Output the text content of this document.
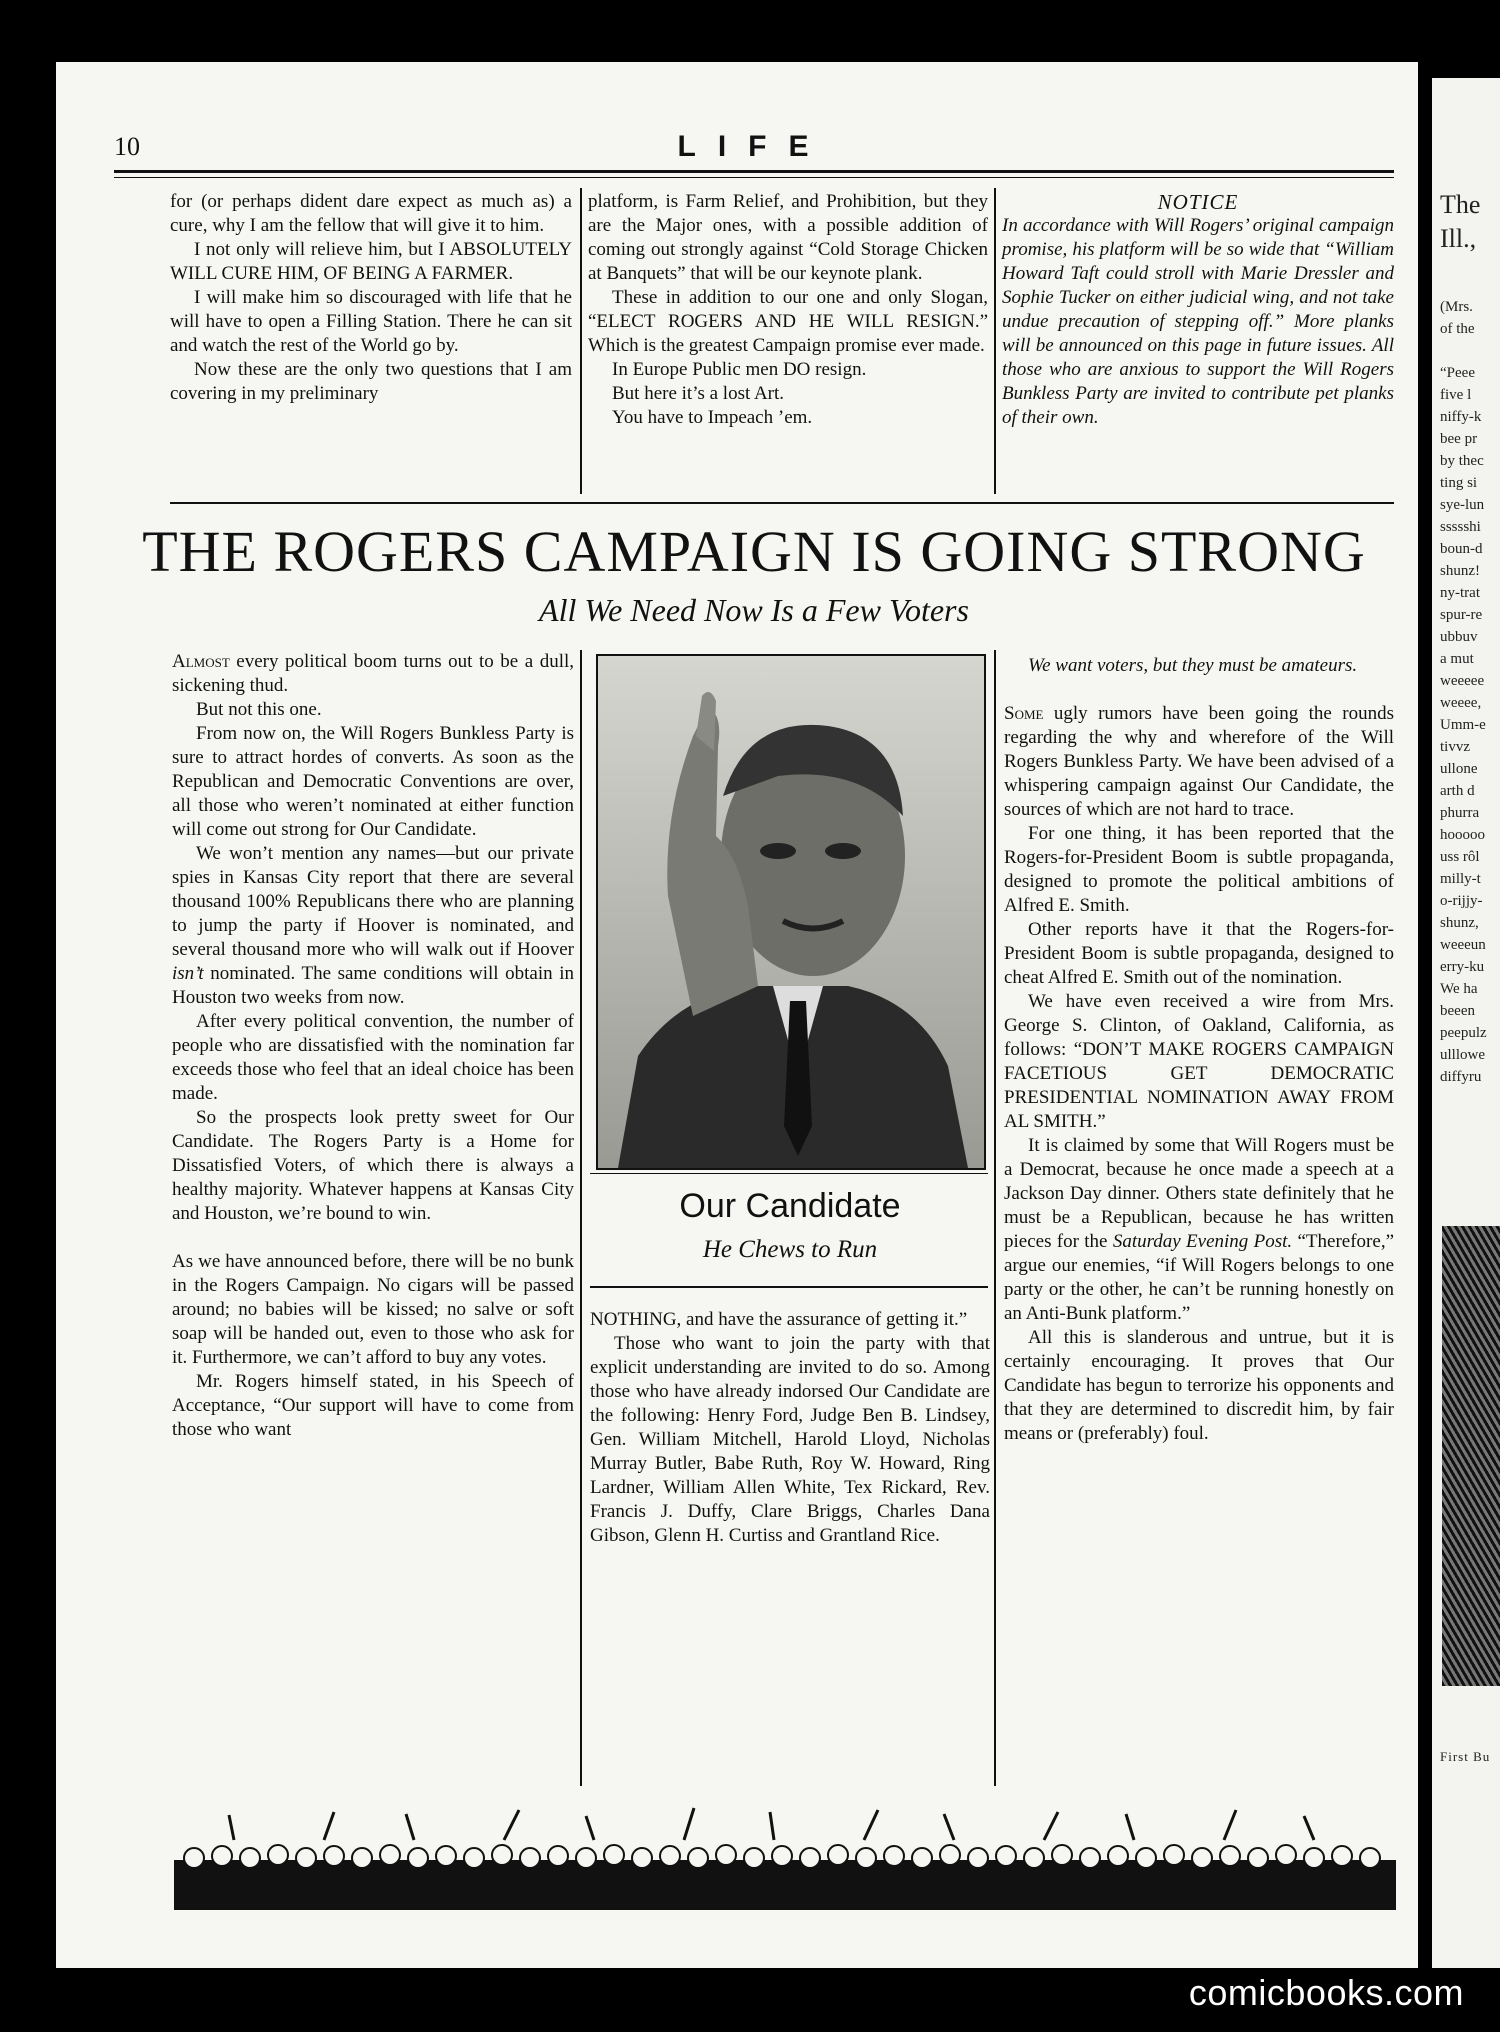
10	LIFE

for (or perhaps dident dare expect as much as) a cure, why I am the fellow that will give it to him.

I not only will relieve him, but I ABSOLUTELY WILL CURE HIM, OF BEING A FARMER.

I will make him so discouraged with life that he will have to open a Filling Station. There he can sit and watch the rest of the World go by.

Now these are the only two questions that I am covering in my preliminary

platform, is Farm Relief, and Prohibition, but they are the Major ones, with a possible addition of coming out strongly against “Cold Storage Chicken at Banquets” that will be our keynote plank.

These in addition to our one and only Slogan, “ELECT ROGERS AND HE WILL RESIGN.” Which is the greatest Campaign promise ever made.

In Europe Public men DO resign.

But here it’s a lost Art.

You have to Impeach ’em.

NOTICE

In accordance with Will Rogers’ original campaign promise, his platform will be so wide that “William Howard Taft could stroll with Marie Dressler and Sophie Tucker on either judicial wing, and not take undue precaution of stepping off.” More planks will be announced on this page in future issues. All those who are anxious to support the Will Rogers Bunkless Party are invited to contribute pet planks of their own.

THE ROGERS CAMPAIGN IS GOING STRONG
All We Need Now Is a Few Voters

Almost every political boom turns out to be a dull, sickening thud.

But not this one.

From now on, the Will Rogers Bunkless Party is sure to attract hordes of converts. As soon as the Republican and Democratic Conventions are over, all those who weren’t nominated at either function will come out strong for Our Candidate.

We won’t mention any names—but our private spies in Kansas City report that there are several thousand 100% Republicans there who are planning to jump the party if Hoover is nominated, and several thousand more who will walk out if Hoover isn’t nominated. The same conditions will obtain in Houston two weeks from now.

After every political convention, the number of people who are dissatisfied with the nomination far exceeds those who feel that an ideal choice has been made.

So the prospects look pretty sweet for Our Candidate. The Rogers Party is a Home for Dissatisfied Voters, of which there is always a healthy majority. Whatever happens at Kansas City and Houston, we’re bound to win.

As we have announced before, there will be no bunk in the Rogers Campaign. No cigars will be passed around; no babies will be kissed; no salve or soft soap will be handed out, even to those who ask for it. Furthermore, we can’t afford to buy any votes.

Mr. Rogers himself stated, in his Speech of Acceptance, “Our support will have to come from those who want

Our Candidate
He Chews to Run

NOTHING, and have the assurance of getting it.”

Those who want to join the party with that explicit understanding are invited to do so. Among those who have already indorsed Our Candidate are the following: Henry Ford, Judge Ben B. Lindsey, Gen. William Mitchell, Harold Lloyd, Nicholas Murray Butler, Babe Ruth, Roy W. Howard, Ring Lardner, William Allen White, Tex Rickard, Rev. Francis J. Duffy, Clare Briggs, Charles Dana Gibson, Glenn H. Curtiss and Grantland Rice.

We want voters, but they must be amateurs.

Some ugly rumors have been going the rounds regarding the why and wherefore of the Will Rogers Bunkless Party. We have been advised of a whispering campaign against Our Candidate, the sources of which are not hard to trace.

For one thing, it has been reported that the Rogers-for-President Boom is subtle propaganda, designed to promote the political ambitions of Alfred E. Smith.

Other reports have it that the Rogers-for-President Boom is subtle propaganda, designed to cheat Alfred E. Smith out of the nomination.

We have even received a wire from Mrs. George S. Clinton, of Oakland, California, as follows: “DON’T MAKE ROGERS CAMPAIGN FACETIOUS GET DEMOCRATIC PRESIDENTIAL NOMINATION AWAY FROM AL SMITH.”

It is claimed by some that Will Rogers must be a Democrat, because he once made a speech at a Jackson Day dinner. Others state definitely that he must be a Republican, because he has written pieces for the Saturday Evening Post. “Therefore,” argue our enemies, “if Will Rogers belongs to one party or the other, he can’t be running honestly on an Anti-Bunk platform.”

All this is slanderous and untrue, but it is certainly encouraging. It proves that Our Candidate has begun to terrorize his opponents and that they are determined to discredit him, by fair means or (preferably) foul.

The
Ill.,
(Mrs.
of the

“Peee
five l
niffy-k
bee pr
by thec
ting si
sye-lun
ssssshi
boun-d
shunz!
ny-trat
spur-re
ubbuv
a mut
weeeee
weeee,
Umm-e
tivvz
ullone
arth d
phurra
hooooo
uss rôl
milly-t
o-rijjy-
shunz,
weeeun
erry-ku
We ha
beeen
peepulz
ulllowe
diffyru
First Bu
comicbooks.com
